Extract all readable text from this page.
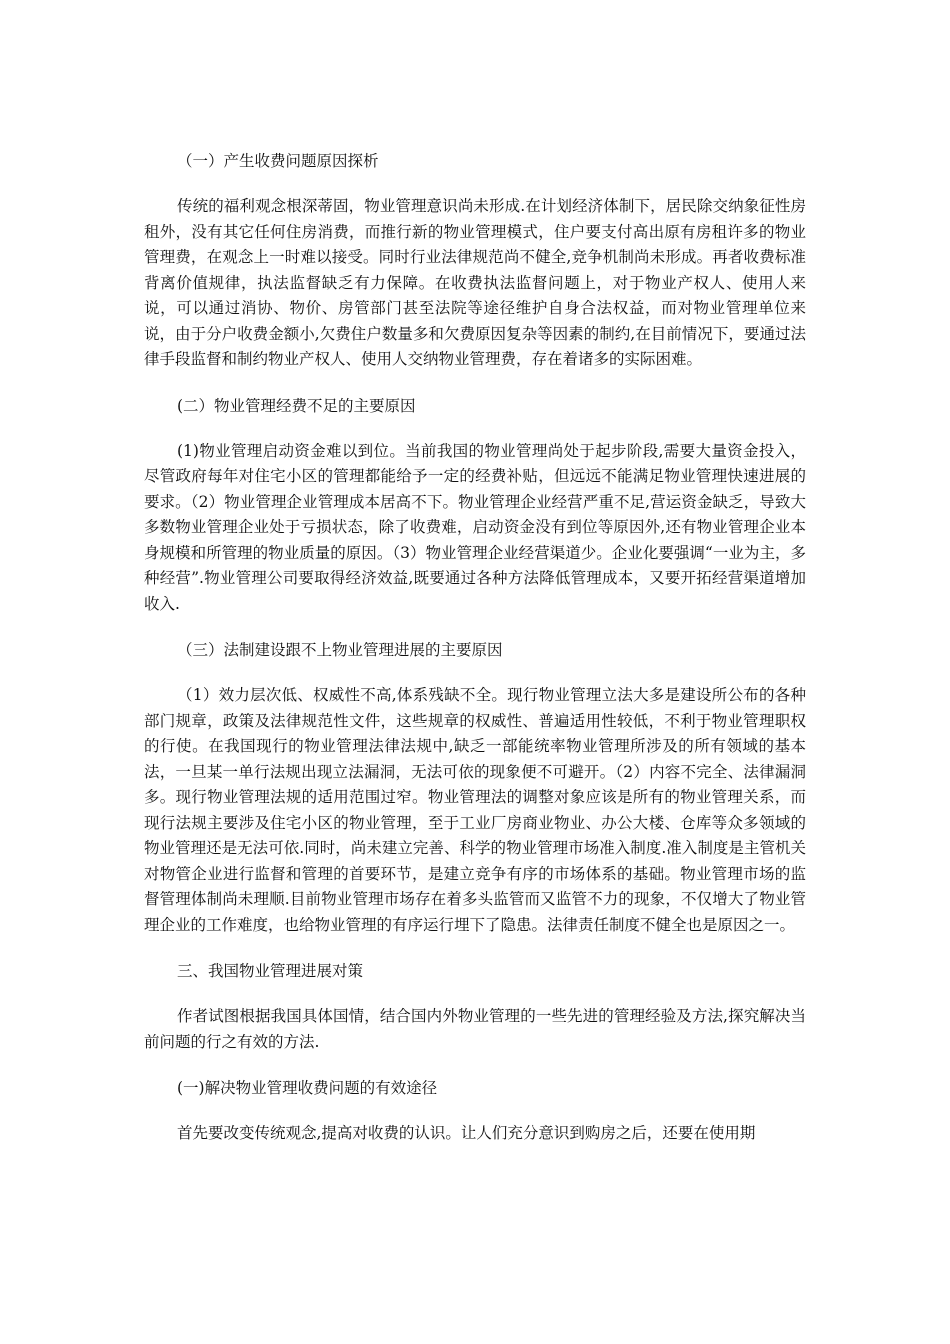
（一）产生收费问题原因探析

传统的福利观念根深蒂固，物业管理意识尚未形成.在计划经济体制下，居民除交纳象征性房租外，没有其它任何住房消费，而推行新的物业管理模式，住户要支付高出原有房租许多的物业管理费，在观念上一时难以接受。同时行业法律规范尚不健全,竞争机制尚未形成。再者收费标准背离价值规律，执法监督缺乏有力保障。在收费执法监督问题上，对于物业产权人、使用人来说，可以通过消协、物价、房管部门甚至法院等途径维护自身合法权益，而对物业管理单位来说，由于分户收费金额小,欠费住户数量多和欠费原因复杂等因素的制约,在目前情况下，要通过法律手段监督和制约物业产权人、使用人交纳物业管理费，存在着诸多的实际困难。

(二）物业管理经费不足的主要原因

(1)物业管理启动资金难以到位。当前我国的物业管理尚处于起步阶段,需要大量资金投入，尽管政府每年对住宅小区的管理都能给予一定的经费补贴，但远远不能满足物业管理快速进展的要求。（2）物业管理企业管理成本居高不下。物业管理企业经营严重不足,营运资金缺乏，导致大多数物业管理企业处于亏损状态，除了收费难，启动资金没有到位等原因外,还有物业管理企业本身规模和所管理的物业质量的原因。（3）物业管理企业经营渠道少。企业化要强调“一业为主，多种经营”.物业管理公司要取得经济效益,既要通过各种方法降低管理成本，又要开拓经营渠道增加收入.

（三）法制建设跟不上物业管理进展的主要原因

（1）效力层次低、权威性不高,体系残缺不全。现行物业管理立法大多是建设所公布的各种部门规章，政策及法律规范性文件，这些规章的权威性、普遍适用性较低，不利于物业管理职权的行使。在我国现行的物业管理法律法规中,缺乏一部能统率物业管理所涉及的所有领域的基本法，一旦某一单行法规出现立法漏洞，无法可依的现象便不可避开。（2）内容不完全、法律漏洞多。现行物业管理法规的适用范围过窄。物业管理法的调整对象应该是所有的物业管理关系，而现行法规主要涉及住宅小区的物业管理，至于工业厂房商业物业、办公大楼、仓库等众多领域的物业管理还是无法可依.同时，尚未建立完善、科学的物业管理市场准入制度.准入制度是主管机关对物管企业进行监督和管理的首要环节，是建立竞争有序的市场体系的基础。物业管理市场的监督管理体制尚未理顺.目前物业管理市场存在着多头监管而又监管不力的现象，不仅增大了物业管理企业的工作难度，也给物业管理的有序运行埋下了隐患。法律责任制度不健全也是原因之一。

三、我国物业管理进展对策

作者试图根据我国具体国情，结合国内外物业管理的一些先进的管理经验及方法,探究解决当前问题的行之有效的方法.

(一)解决物业管理收费问题的有效途径

首先要改变传统观念,提高对收费的认识。让人们充分意识到购房之后，还要在使用期
